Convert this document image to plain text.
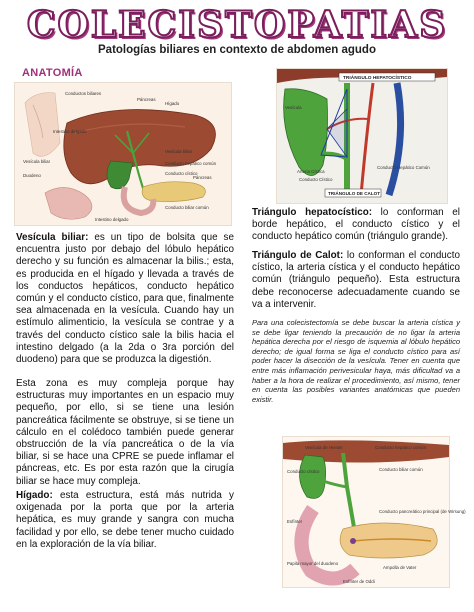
COLECISTOPATIAS
Patologías biliares en contexto de abdomen agudo
ANATOMÍA
Conductos biliares
Hígado
Páncreas
Vesícula biliar
Duodeno
Intestino delgado
Conducto hepático común
Conducto cístico
Vesícula biliar
Páncreas
Conducto biliar común
Intestino delgado
TRIÁNGULO HEPATOCÍSTICO
Arteria Cística
Conducto Cístico
Conducto Hepático Común
Vesícula
TRIÁNGULO DE CALOT

Vesícula biliar: es un tipo de bolsita que se encuentra justo por debajo del lóbulo hepático derecho y su función es almacenar la bilis.; esta, es producida en el hígado y llevada a través de los conductos hepáticos, conducto hepático común y el conducto cístico, para que, finalmente sea almacenada en la vesícula. Cuando hay un estímulo alimenticio, la vesícula se contrae y a través del conducto cístico sale la bilis hacia el intestino delgado (a la 2da o 3ra porción del duodeno) para que se produzca la digestión.

Esta zona es muy compleja porque hay estructuras muy importantes en un espacio muy pequeño, por ello, si se tiene una lesión pancreática fácilmente se obstruye, si se tiene un cálculo en el colédoco también puede generar obstrucción de la vía pancreática o de la vía biliar, si se hace una CPRE se puede inflamar el páncreas, etc. Es por esta razón que la cirugía biliar se hace muy compleja.

Hígado: esta estructura, está más nutrida y oxigenada por la porta que por la arteria hepática, es muy grande y sangra con mucha facilidad y por ello, se debe tener mucho cuidado en la exploración de la vía biliar.

Triángulo hepatocístico: lo conforman el borde hepático, el conducto cístico y el conducto hepático común (triángulo grande).

Triángulo de Calot: lo conforman el conducto cístico, la arteria cística y el conducto hepático común (triángulo pequeño). Esta estructura debe reconocerse adecuadamente cuando se va a intervenir.

Para una colecistectomía se debe buscar la arteria cística y se debe ligar teniendo la precaución de no ligar la arteria hepática derecha por el riesgo de isquemia al lóbulo hepático derecho; de igual forma se liga el conducto cístico para así poder hacer la disección de la vesícula. Tener en cuenta que entre más inflamación perivesicular haya, más dificultad va a haber a la hora de realizar el procedimiento, así mismo, tener en cuenta las posibles variantes anatómicas que pueden existir.

Vesícula de Heister	Conducto hepático común
Conducto cístico	Conducto biliar común
Esfínter
Papila mayor del duodeno
Conducto pancreático principal (de Wirsung)
Ampolla de Vater
Esfínter de Oddi
